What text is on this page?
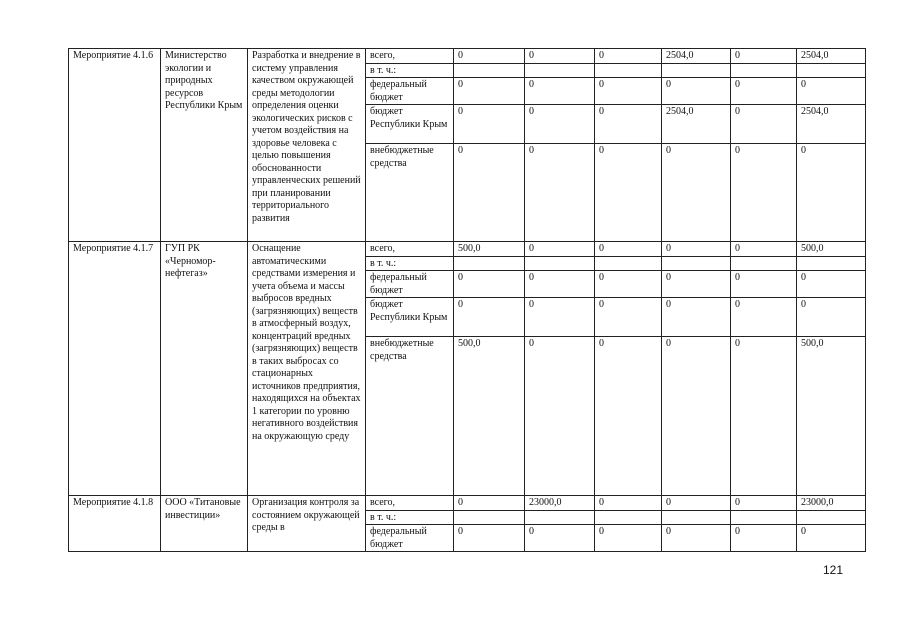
Мероприятие 4.1.6	Министерство экологии и природных ресурсов Республики Крым	Разработка и внедрение в систему управления качеством окружающей среды методологии определения оценки экологических рисков с учетом воздействия на здоровье человека с целью повышения обоснованности управленческих решений при планировании территориального развития	всего,	0	0	0	2504,0	0	2504,0
			в т. ч.:						
			федеральный бюджет	0	0	0	0	0	0
			бюджет Республики Крым	0	0	0	2504,0	0	2504,0
			внебюджетные средства	0	0	0	0	0	0
Мероприятие 4.1.7	ГУП РК «Черномор-нефтегаз»	Оснащение автоматическими средствами измерения и учета объема и массы выбросов вредных (загрязняющих) веществ в атмосферный воздух, концентраций вредных (загрязняющих) веществ в таких выбросах со стационарных источников предприятия, находящихся на объектах 1 категории по уровню негативного воздействия на окружающую среду	всего,	500,0	0	0	0	0	500,0
			в т. ч.:						
			федеральный бюджет	0	0	0	0	0	0
			бюджет Республики Крым	0	0	0	0	0	0
			внебюджетные средства	500,0	0	0	0	0	500,0
Мероприятие 4.1.8	ООО «Титановые инвестиции»	Организация контроля за состоянием окружающей среды в	всего,	0	23000,0	0	0	0	23000,0
			в т. ч.:						
			федеральный бюджет	0	0	0	0	0	0
121
